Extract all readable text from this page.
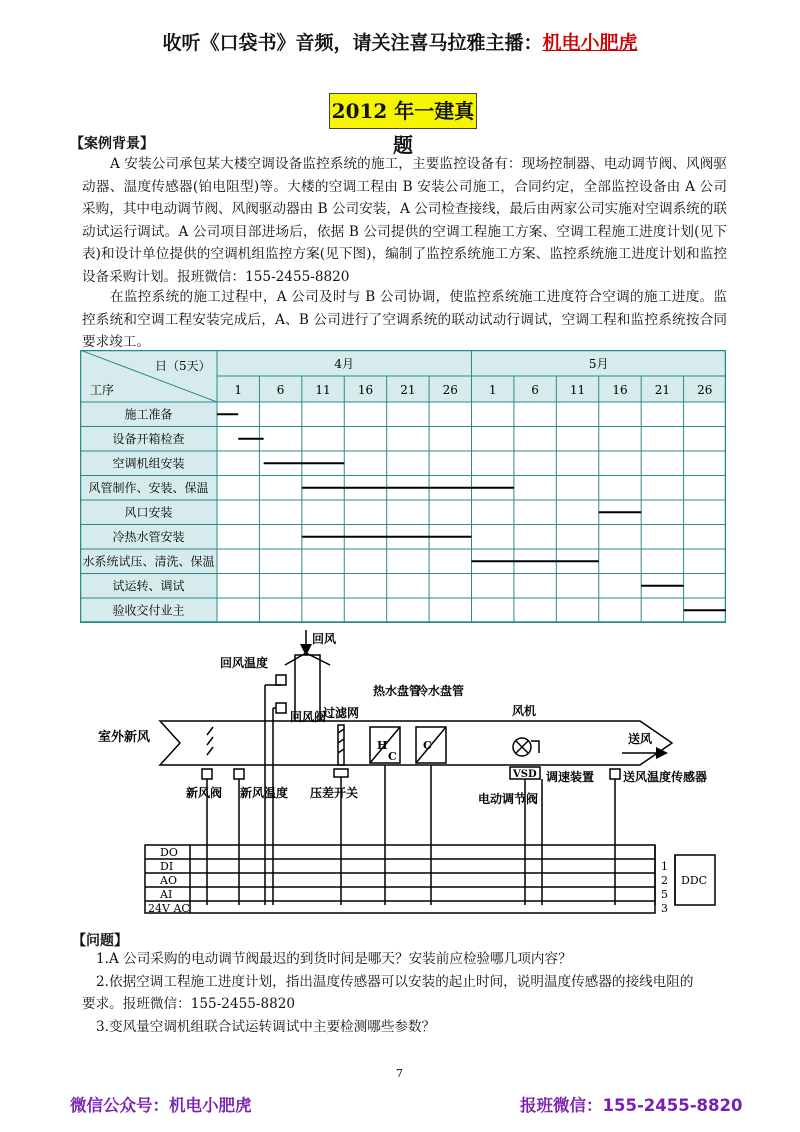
收听《口袋书》音频，请关注喜马拉雅主播：机电小肥虎
2012 年一建真题
【案例背景】
A 安装公司承包某大楼空调设备监控系统的施工，主要监控设备有：现场控制器、电动调节阀、风阀驱动器、温度传感器(铂电阻型)等。大楼的空调工程由 B 安装公司施工，合同约定，全部监控设备由 A 公司采购，其中电动调节阀、风阀驱动器由 B 公司安装，A 公司检查接线，最后由两家公司实施对空调系统的联动试运行调试。A 公司项目部进场后，依据 B 公司提供的空调工程施工方案、空调工程施工进度计划(见下表)和设计单位提供的空调机组监控方案(见下图)，编制了监控系统施工方案、监控系统施工进度计划和监控设备采购计划。报班微信：155-2455-8820
在监控系统的施工过程中，A 公司及时与 B 公司协调，使监控系统施工进度符合空调的施工进度。监控系统和空调工程安装完成后，A、B 公司进行了空调系统的联动试动行调试，空调工程和监控系统按合同要求竣工。
日（5天）
工序
4月	5月
1	6	11 16 21 26	1	6	11 16 21 26
施工准备
设备开箱检查
空调机组安装
风管制作、安装、保温
风口安装
冷热水管安装
水系统试压、清洗、保温
试运转、调试
验收交付业主
回风
回风温度
回风阀
过滤网
热水盘管
冷水盘管
风机
室外新风	送风
新风阀 新风温度 压差开关	电动调节阀
调速装置 送风温度传感器
H
C
C
VSD
DDC
DO
DI
AO
AI
24V AC
1
2
5
3
【问题】
1.A 公司采购的电动调节阀最迟的到货时间是哪天？安装前应检验哪几项内容？
2.依据空调工程施工进度计划，指出温度传感器可以安装的起止时间，说明温度传感器的接线电阻的
要求。报班微信：155-2455-8820
3.变风量空调机组联合试运转调试中主要检测哪些参数？
7
微信公众号：机电小肥虎	报班微信：155-2455-8820
